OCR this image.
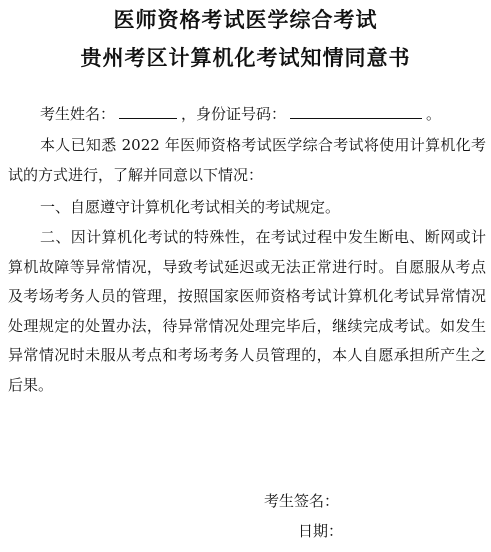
医师资格考试医学综合考试
贵州考区计算机化考试知情同意书
考生姓名：	，身份证号码：	。
本人已知悉 2022 年医师资格考试医学综合考试将使用计算机化考试的方式进行，了解并同意以下情况：
一、自愿遵守计算机化考试相关的考试规定。
二、因计算机化考试的特殊性，在考试过程中发生断电、断网或计算机故障等异常情况，导致考试延迟或无法正常进行时。自愿服从考点及考场考务人员的管理，按照国家医师资格考试计算机化考试异常情况处理规定的处置办法，待异常情况处理完毕后，继续完成考试。如发生异常情况时未服从考点和考场考务人员管理的，本人自愿承担所产生之后果。
考生签名：
日期：
